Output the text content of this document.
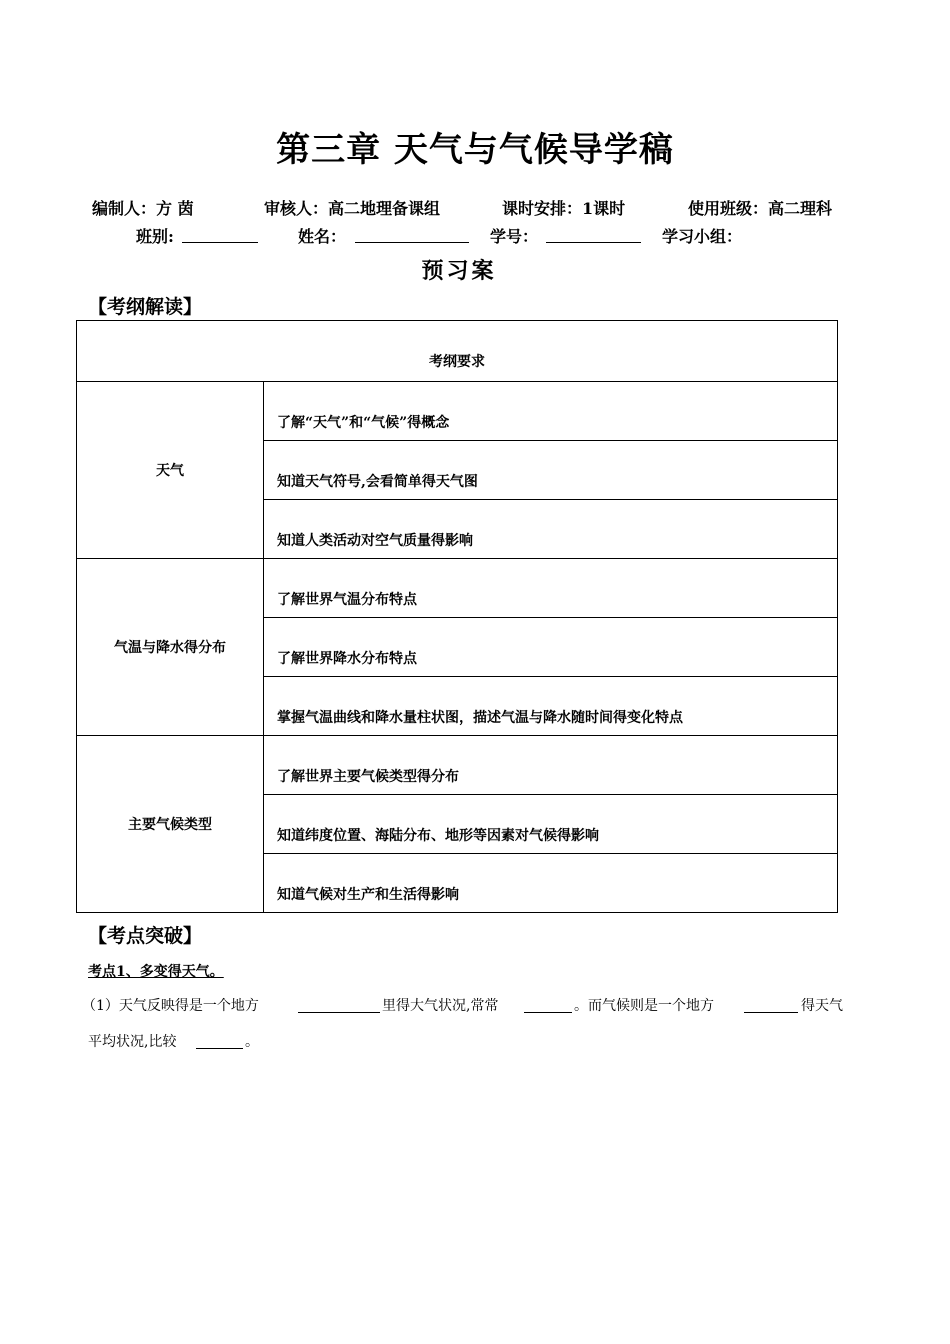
第三章 天气与气候导学稿
编制人：方 茵	审核人：高二地理备课组	课时安排：1课时	使用班级：高二理科
班别:	姓名：	学号：	学习小组：
预习案
【考纲解读】
考纲要求	
天气	了解“天气”和“气候”得概念
	知道天气符号,会看简单得天气图
	知道人类活动对空气质量得影响
气温与降水得分布	了解世界气温分布特点
	了解世界降水分布特点
	掌握气温曲线和降水量柱状图，描述气温与降水随时间得变化特点
主要气候类型	了解世界主要气候类型得分布
	知道纬度位置、海陆分布、地形等因素对气候得影响
	知道气候对生产和生活得影响
【考点突破】
考点1、多变得天气。
（1）天气反映得是一个地方	里得大气状况,常常	。而气候则是一个地方	得天气
平均状况,比较	。
